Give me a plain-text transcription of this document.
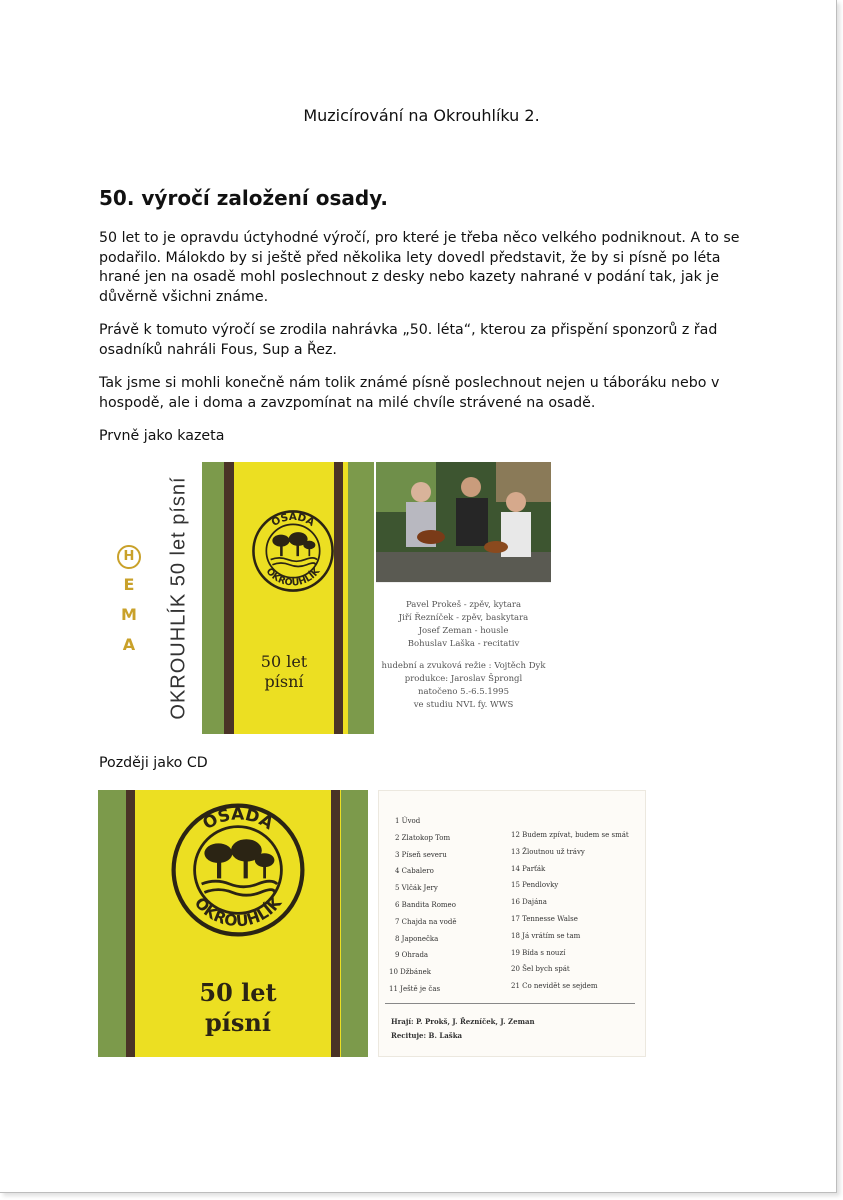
Muzicírování na Okrouhlíku 2.
50. výročí založení osady.

50 let to je opravdu úctyhodné výročí, pro které je třeba něco velkého podniknout. A to se podařilo. Málokdo by si ještě před několika lety dovedl představit, že by si písně po léta hrané jen na osadě mohl poslechnout z desky nebo kazety nahrané v podání tak, jak je důvěrně všichni známe.

Právě k tomuto výročí se zrodila nahrávka „50. léta“, kterou za přispění sponzorů z řad osadníků nahráli Fous, Sup a Řez.

Tak jsme si mohli konečně nám tolik známé písně poslechnout nejen u táboráku nebo v hospodě, ale i doma a zavzpomínat na milé chvíle strávené na osadě.

Prvně jako kazeta
H
E
M
A	OKROUHLÍK 50 let písní	OSADA
OKROUHLÍK
50 let
písní
Pavel Prokeš - zpěv, kytara
Jiří Řezníček - zpěv, baskytara
Josef Zeman - housle
Bohuslav Laška - recitativ
hudební a zvuková režie : Vojtěch Dyk
produkce: Jaroslav Šprongl
natočeno 5.-6.5.1995
ve studiu NVL fy. WWS
Později jako CD
OSADA
OKROUHLÍK
50 let
písní
1 Úvod
2 Zlatokop Tom
3 Píseň severu
4 Cabalero
5 Vlčák Jery
6 Bandita Romeo
7 Chajda na vodě
8 Japonečka
9 Ohrada
10 Džbánek
11 Ještě je čas
12 Budem zpívat, budem se smát
13 Žloutnou už trávy
14 Parťák
15 Pendlovky
16 Dajána
17 Tennesse Walse
18 Já vrátím se tam
19 Bída s nouzí
20 Šel bych spát
21 Co nevidět se sejdem
Hrají: P. Prokš, J. Řezníček, J. Zeman
Recituje: B. Laška
